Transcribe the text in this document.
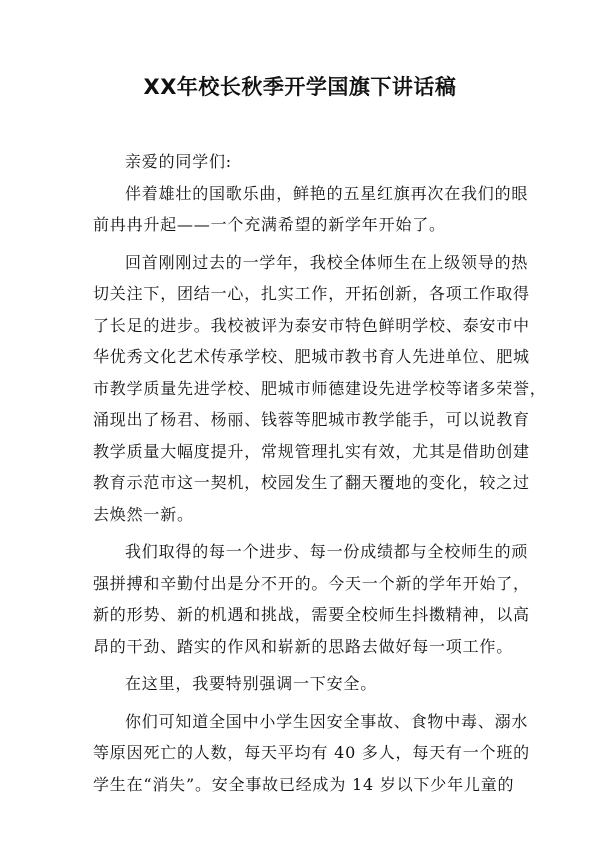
XX年校长秋季开学国旗下讲话稿
亲爱的同学们:
伴着雄壮的国歌乐曲，鲜艳的五星红旗再次在我们的眼
前冉冉升起——一个充满希望的新学年开始了。
回首刚刚过去的一学年，我校全体师生在上级领导的热
切关注下，团结一心，扎实工作，开拓创新，各项工作取得
了长足的进步。我校被评为泰安市特色鲜明学校、泰安市中
华优秀文化艺术传承学校、肥城市教书育人先进单位、肥城
市教学质量先进学校、肥城市师德建设先进学校等诸多荣誉，
涌现出了杨君、杨丽、钱蓉等肥城市教学能手，可以说教育
教学质量大幅度提升，常规管理扎实有效，尤其是借助创建
教育示范市这一契机，校园发生了翻天覆地的变化，较之过
去焕然一新。
我们取得的每一个进步、每一份成绩都与全校师生的顽
强拼搏和辛勤付出是分不开的。今天一个新的学年开始了，
新的形势、新的机遇和挑战，需要全校师生抖擞精神，以高
昂的干劲、踏实的作风和崭新的思路去做好每一项工作。
在这里，我要特别强调一下安全。
你们可知道全国中小学生因安全事故、食物中毒、溺水
等原因死亡的人数，每天平均有 40 多人，每天有一个班的
学生在“消失”。安全事故已经成为 14 岁以下少年儿童的
